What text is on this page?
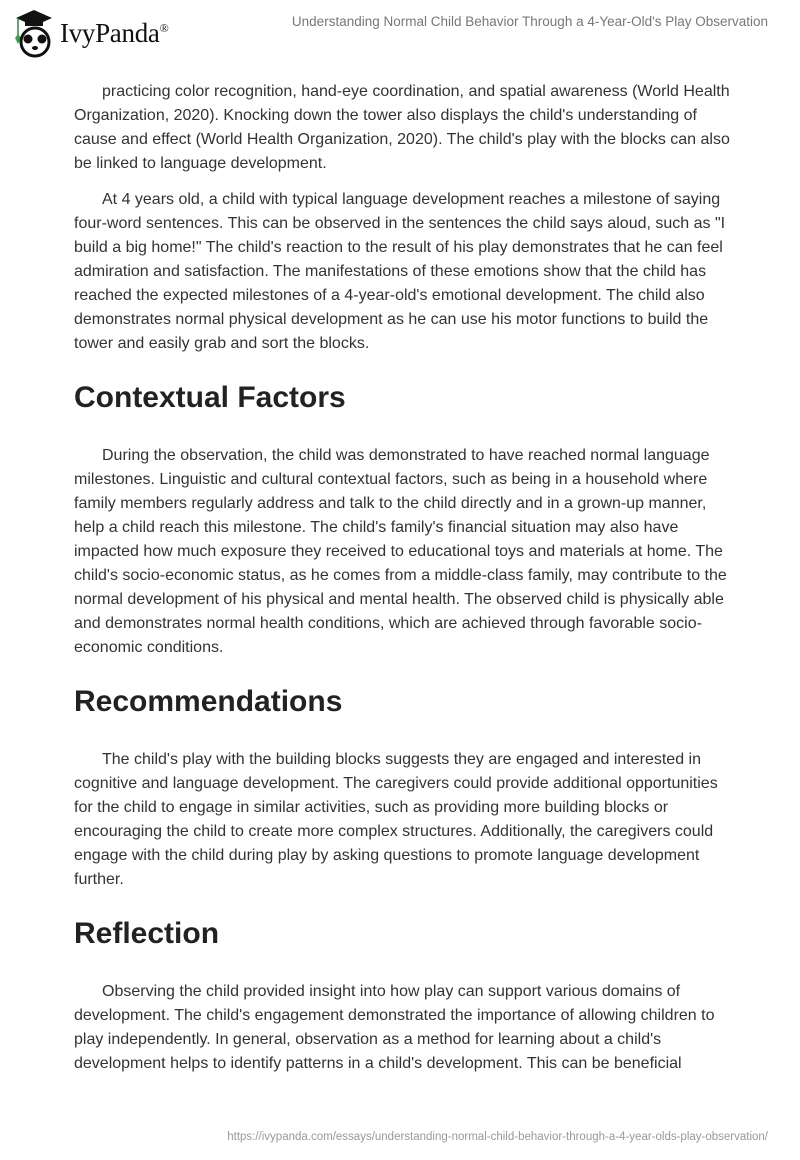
IvyPanda®	Understanding Normal Child Behavior Through a 4-Year-Old's Play Observation

practicing color recognition, hand-eye coordination, and spatial awareness (World Health Organization, 2020). Knocking down the tower also displays the child's understanding of cause and effect (World Health Organization, 2020). The child's play with the blocks can also be linked to language development.

At 4 years old, a child with typical language development reaches a milestone of saying four-word sentences. This can be observed in the sentences the child says aloud, such as "I build a big home!" The child's reaction to the result of his play demonstrates that he can feel admiration and satisfaction. The manifestations of these emotions show that the child has reached the expected milestones of a 4-year-old's emotional development. The child also demonstrates normal physical development as he can use his motor functions to build the tower and easily grab and sort the blocks.

Contextual Factors

During the observation, the child was demonstrated to have reached normal language milestones. Linguistic and cultural contextual factors, such as being in a household where family members regularly address and talk to the child directly and in a grown-up manner, help a child reach this milestone. The child's family's financial situation may also have impacted how much exposure they received to educational toys and materials at home. The child's socio-economic status, as he comes from a middle-class family, may contribute to the normal development of his physical and mental health. The observed child is physically able and demonstrates normal health conditions, which are achieved through favorable socio-economic conditions.

Recommendations

The child's play with the building blocks suggests they are engaged and interested in cognitive and language development. The caregivers could provide additional opportunities for the child to engage in similar activities, such as providing more building blocks or encouraging the child to create more complex structures. Additionally, the caregivers could engage with the child during play by asking questions to promote language development further.

Reflection

Observing the child provided insight into how play can support various domains of development. The child's engagement demonstrated the importance of allowing children to play independently. In general, observation as a method for learning about a child's development helps to identify patterns in a child's development. This can be beneficial

https://ivypanda.com/essays/understanding-normal-child-behavior-through-a-4-year-olds-play-observation/
